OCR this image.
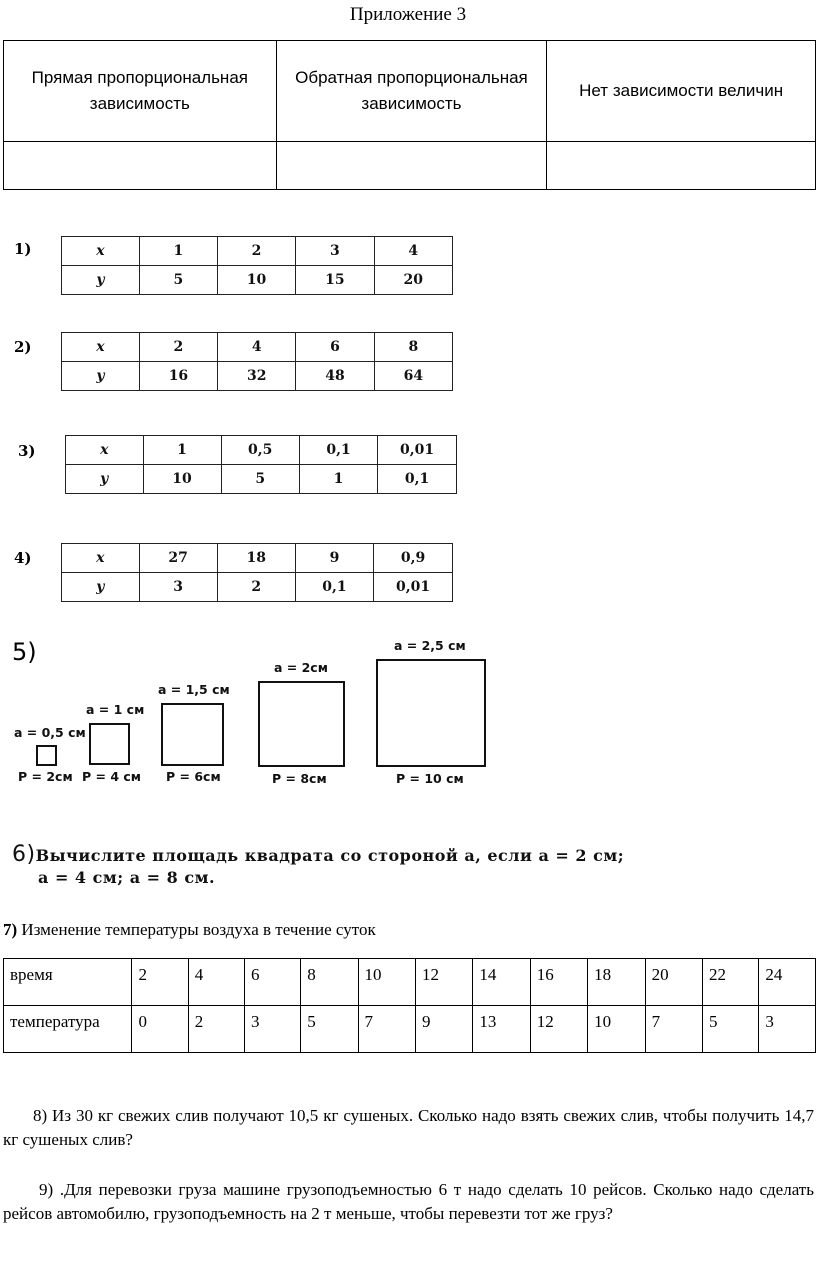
Приложение 3
Прямая пропорциональная зависимость	Обратная пропорциональная зависимость	Нет зависимости величин

1)	x	1	2	3	4
y	5	10	15	20
2)	x	2	4	6	8
y	16	32	48	64
3)	x	1	0,5	0,1	0,01
y	10	5	1	0,1
4)	x	27	18	9	0,9
y	3	2	0,1	0,01
5)
a = 0,5 см
P = 2см
a = 1 см
P = 4 см
a = 1,5 см
P = 6см
a = 2см
P = 8см
a = 2,5 см
P = 10 см
6)Вычислите площадь квадрата со стороной a, если a = 2 см;
a = 4 см; a = 8 см.
7) Изменение температуры воздуха в течение суток
время	2	4	6	8	10	12	14	16	18	20	22	24
температура	0	2	3	5	7	9	13	12	10	7	5	3
8) Из 30 кг свежих слив получают 10,5 кг сушеных. Сколько надо взять свежих слив, чтобы получить 14,7 кг сушеных слив?
9) .Для перевозки груза машине грузоподъемностью 6 т надо сделать 10 рейсов. Сколько надо сделать рейсов автомобилю, грузоподъемность на 2 т меньше, чтобы перевезти тот же груз?
